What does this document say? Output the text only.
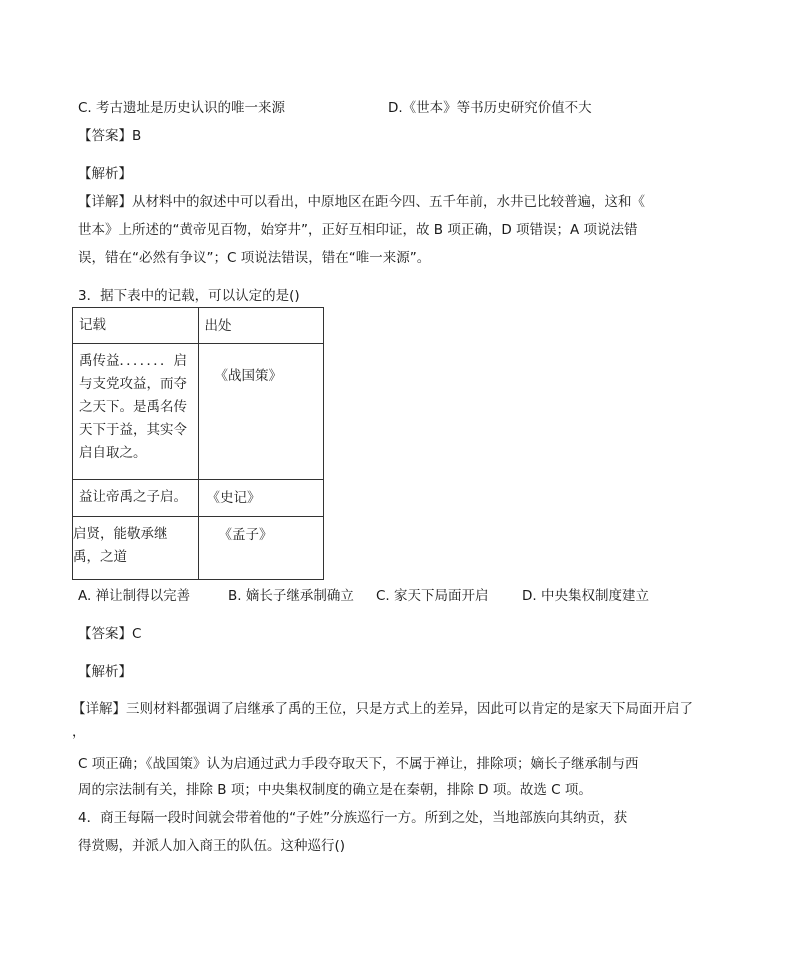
C. 考古遗址是历史认识的唯一来源	D.《世本》等书历史研究价值不大
【答案】B
【解析】
【详解】从材料中的叙述中可以看出，中原地区在距今四、五千年前，水井已比较普遍，这和《
世本》上所述的“黄帝见百物，始穿井”，正好互相印证，故 B 项正确，D 项错误；A 项说法错
误，错在“必然有争议”；C 项说法错误，错在“唯一来源”。
3．据下表中的记载，可以认定的是()
记载	出处
禹传益．．．．．．．启与支党攻益，而夺之天下。是禹名传天下于益，其实令启自取之。	《战国策》
益让帝禹之子启。	《史记》
启贤，能敬承继禹，之道	《孟子》
A. 禅让制得以完善	B. 嫡长子继承制确立 C. 家天下局面开启 D. 中央集权制度建立
【答案】C
【解析】
【详解】三则材料都强调了启继承了禹的王位，只是方式上的差异，因此可以肯定的是家天下局面开启了
，
C 项正确；《战国策》认为启通过武力手段夺取天下，不属于禅让，排除项；嫡长子继承制与西
周的宗法制有关，排除 B 项；中央集权制度的确立是在秦朝，排除 D 项。故选 C 项。
4．商王每隔一段时间就会带着他的“子姓”分族巡行一方。所到之处，当地部族向其纳贡，获
得赏赐，并派人加入商王的队伍。这种巡行()
